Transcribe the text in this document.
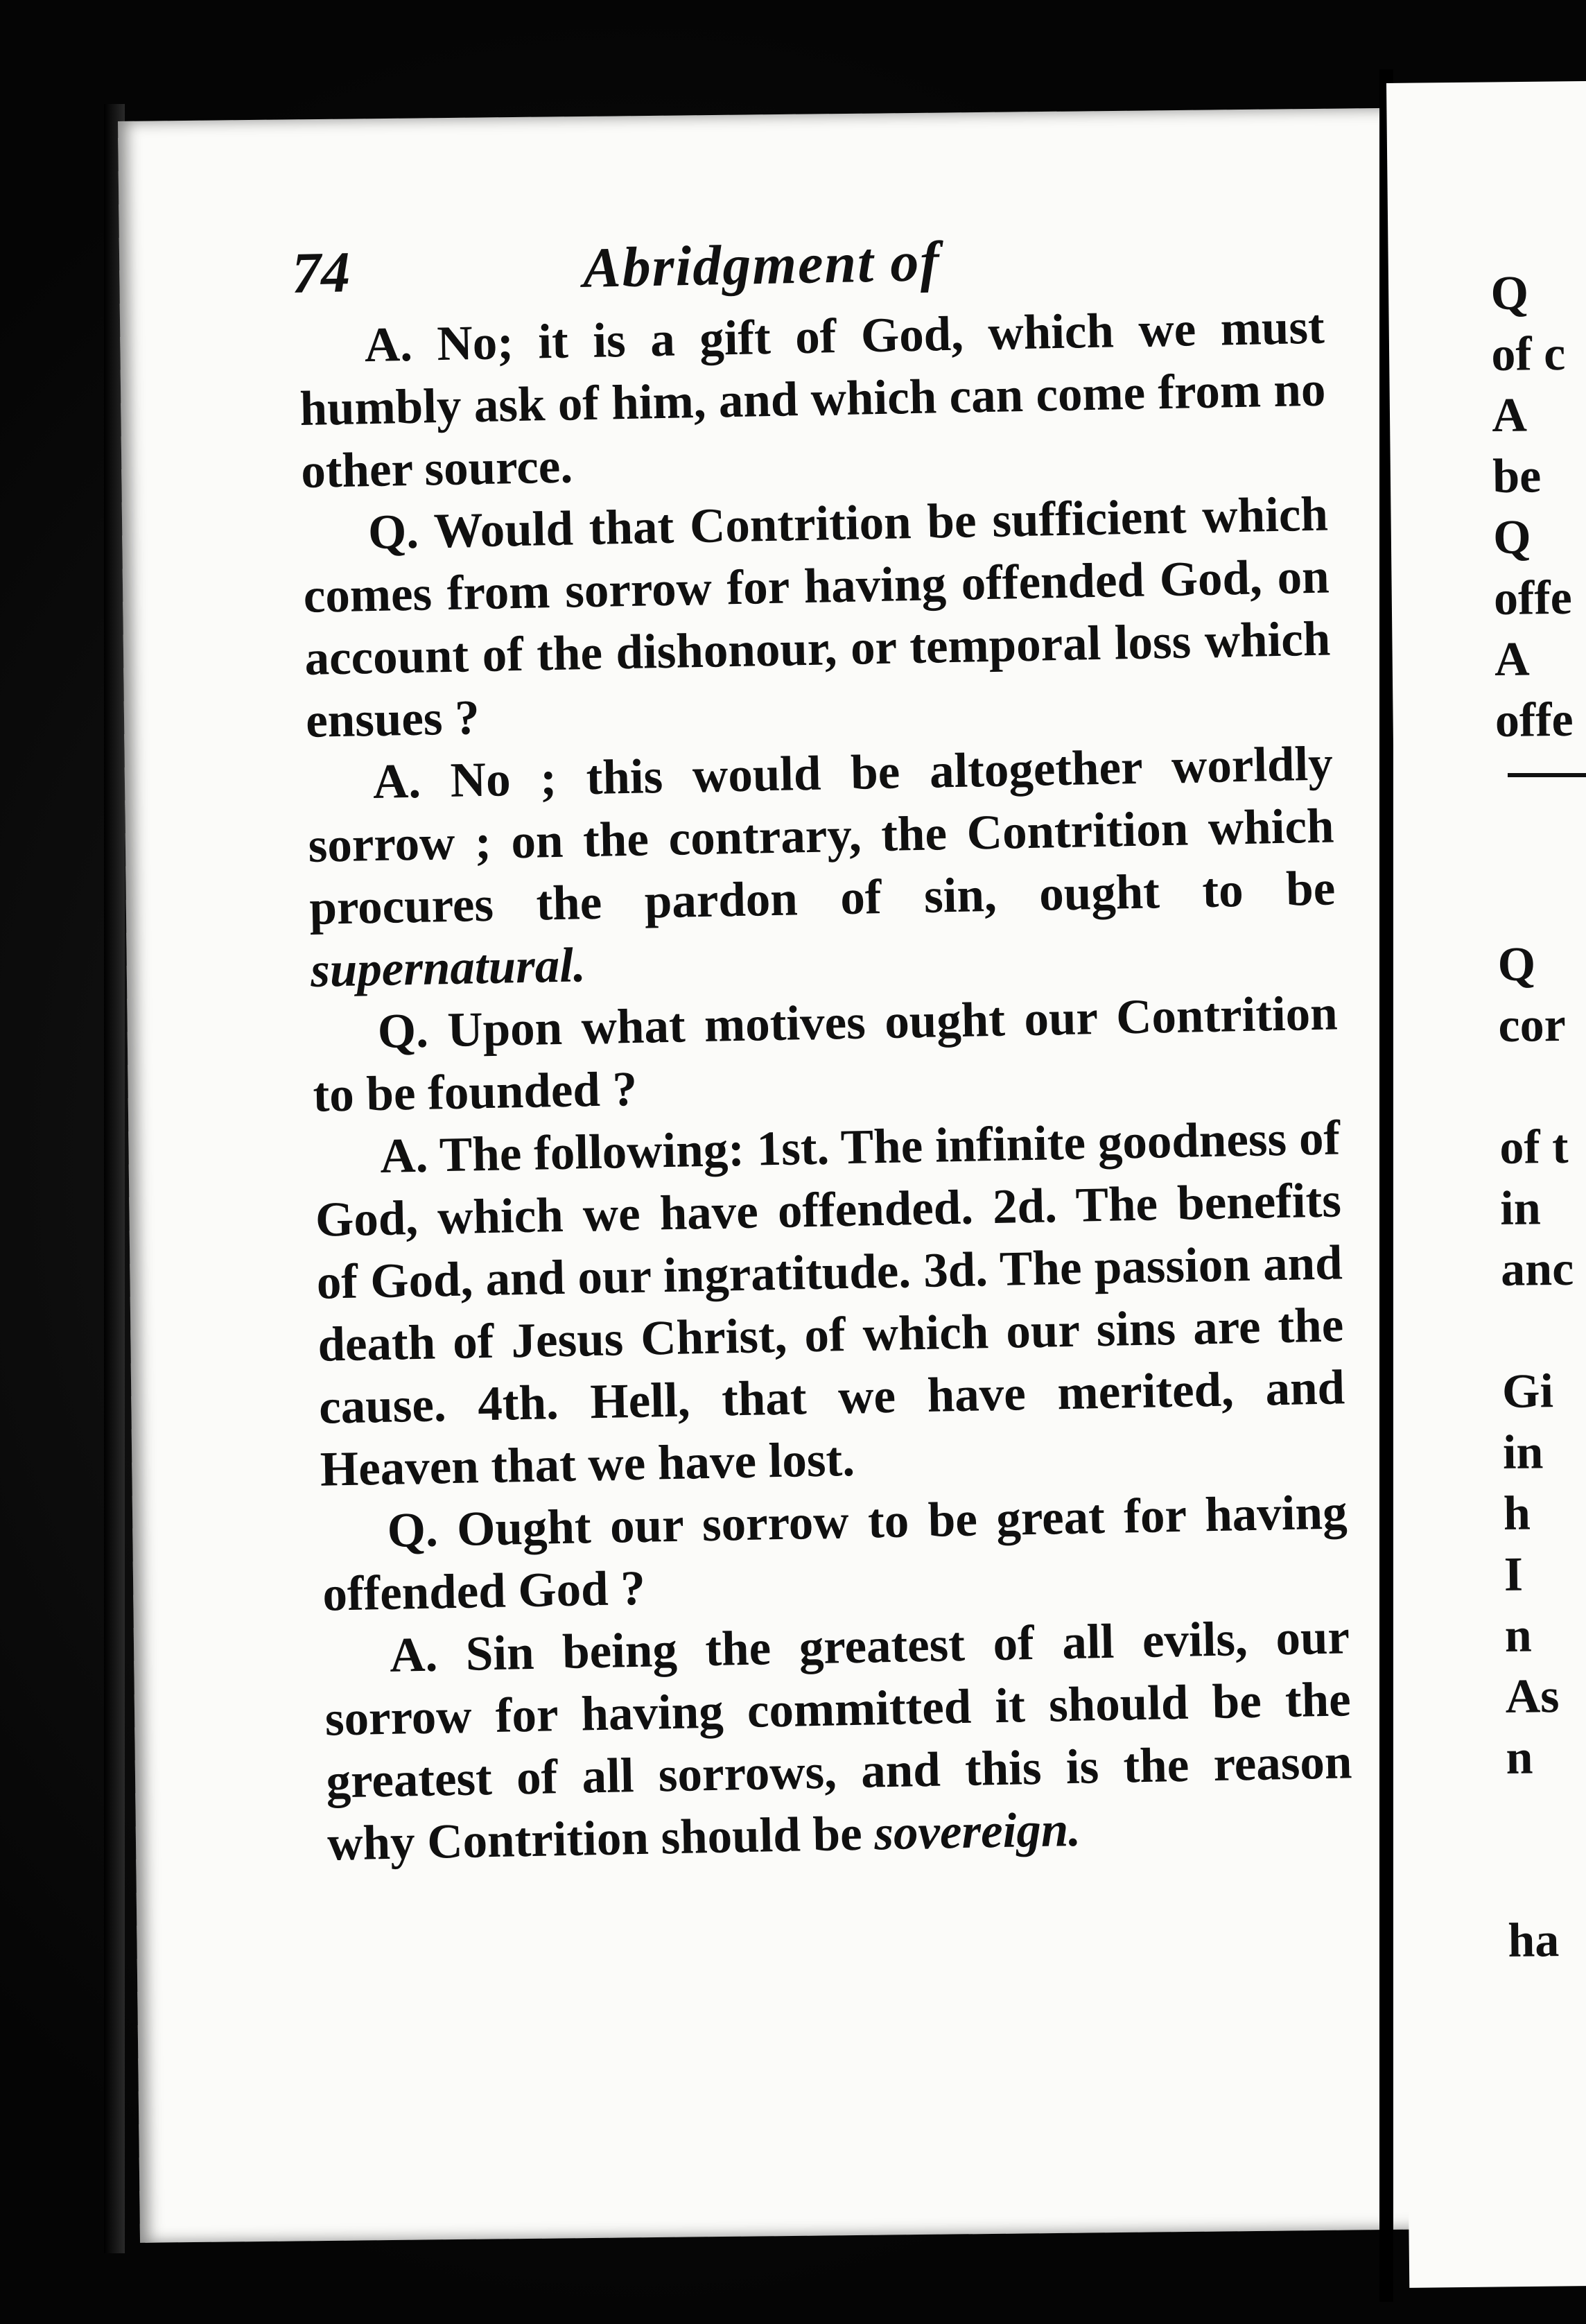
74	Abridgment of

A. No; it is a gift of God, which we must humbly ask of him, and which can come from no other source.

Q. Would that Contrition be sufficient which comes from sorrow for having offended God, on account of the dishonour, or temporal loss which ensues ?

A. No ; this would be altogether worldly sorrow ; on the contrary, the Contrition which procures the pardon of sin, ought to be supernatural.

Q. Upon what motives ought our Contrition to be founded ?

A. The following: 1st. The infinite goodness of God, which we have offended. 2d. The benefits of God, and our ingratitude. 3d. The passion and death of Jesus Christ, of which our sins are the cause. 4th. Hell, that we have merited, and Heaven that we have lost.

Q. Ought our sorrow to be great for having offended God ?

A. Sin being the greatest of all evils, our sorrow for having committed it should be the greatest of all sorrows, and this is the reason why Contrition should be sovereign.

Q
of c
A
be
Q
offe
A
offe

Q
cor

of t
in
anc

Gi
in
h
I
n
As
n

ha
